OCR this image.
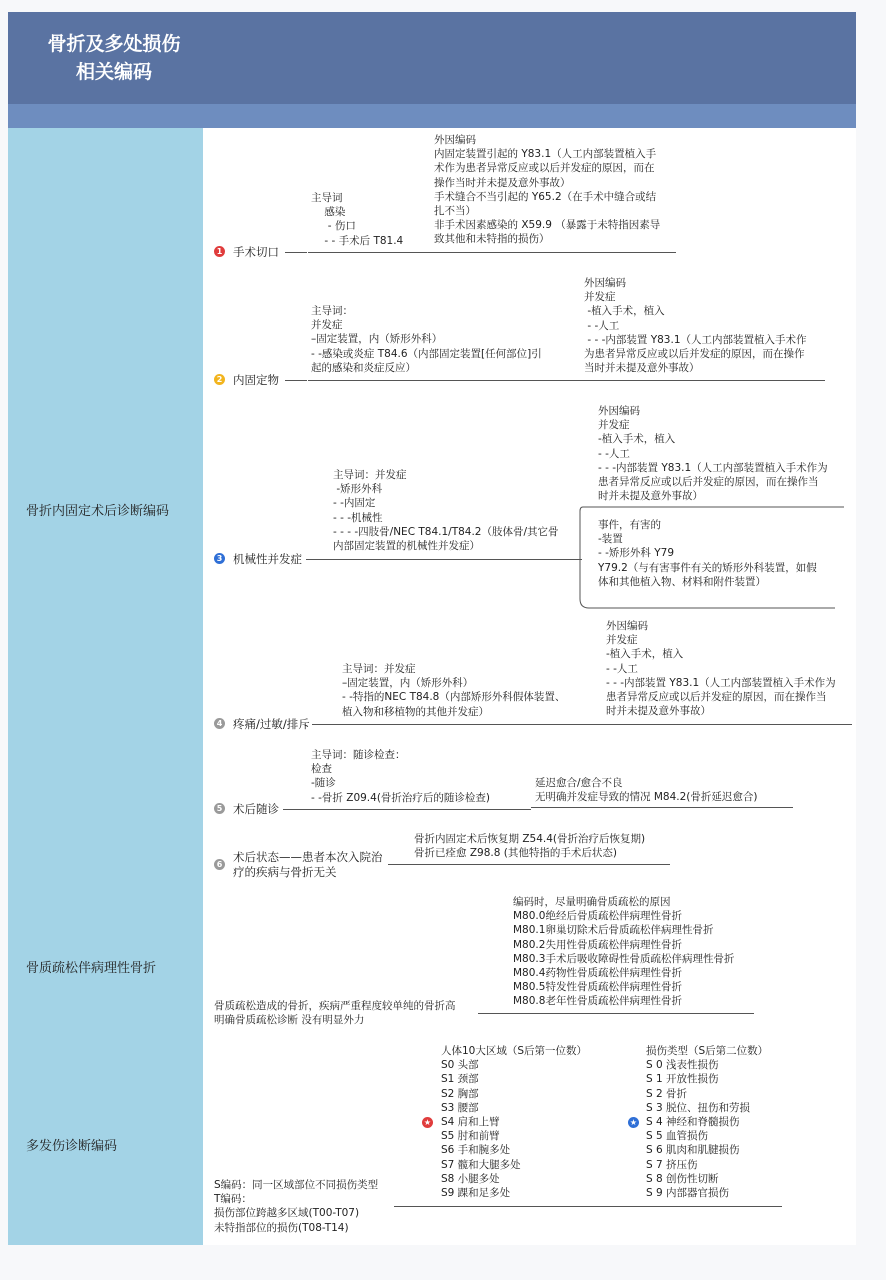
骨折及多处损伤
相关编码
骨折内固定术后诊断编码
骨质疏松伴病理性骨折
多发伤诊断编码
1 手术切口
主导词
感染
- 伤口
- - 手术后 T81.4
外因编码
内固定装置引起的 Y83.1（人工内部装置植入手
术作为患者异常反应或以后并发症的原因，而在
操作当时并未提及意外事故）
手术缝合不当引起的 Y65.2（在手术中缝合或结
扎不当）
非手术因素感染的 X59.9 （暴露于未特指因素导
致其他和未特指的损伤）
2 内固定物
主导词：
并发症
–固定装置，内（矫形外科）
- -感染或炎症 T84.6（内部固定装置[任何部位]引
起的感染和炎症反应）
外因编码
并发症
-植入手术，植入
- -人工
- - -内部装置 Y83.1（人工内部装置植入手术作
为患者异常反应或以后并发症的原因，而在操作
当时并未提及意外事故）
3 机械性并发症
主导词：并发症
-矫形外科
- -内固定
- - -机械性
- - - -四肢骨/NEC T84.1/T84.2（肢体骨/其它骨
内部固定装置的机械性并发症）
外因编码
并发症
-植入手术，植入
- -人工
- - -内部装置 Y83.1（人工内部装置植入手术作为
患者异常反应或以后并发症的原因，而在操作当
时并未提及意外事故）
事件，有害的
-装置
- -矫形外科 Y79
Y79.2（与有害事件有关的矫形外科装置，如假
体和其他植入物、材料和附件装置）
4 疼痛/过敏/排斥
主导词：并发症
–固定装置，内（矫形外科）
- -特指的NEC T84.8（内部矫形外科假体装置、
植入物和移植物的其他并发症）
外因编码
并发症
-植入手术，植入
- -人工
- - -内部装置 Y83.1（人工内部装置植入手术作为
患者异常反应或以后并发症的原因，而在操作当
时并未提及意外事故）
5 术后随诊
主导词：随诊检查：
检查
-随诊
- -骨折 Z09.4(骨折治疗后的随诊检查)
延迟愈合/愈合不良
无明确并发症导致的情况 M84.2(骨折延迟愈合)
6
术后状态——患者本次入院治
疗的疾病与骨折无关
骨折内固定术后恢复期 Z54.4(骨折治疗后恢复期)
骨折已痊愈 Z98.8 (其他特指的手术后状态)
骨质疏松造成的骨折，疾病严重程度较单纯的骨折高
明确骨质疏松诊断 没有明显外力
编码时，尽量明确骨质疏松的原因
M80.0绝经后骨质疏松伴病理性骨折
M80.1卵巢切除术后骨质疏松伴病理性骨折
M80.2失用性骨质疏松伴病理性骨折
M80.3手术后吸收障碍性骨质疏松伴病理性骨折
M80.4药物性骨质疏松伴病理性骨折
M80.5特发性骨质疏松伴病理性骨折
M80.8老年性骨质疏松伴病理性骨折
S编码：同一区域部位不同损伤类型
T编码：
损伤部位跨越多区域(T00-T07)
未特指部位的损伤(T08-T14)
人体10大区域（S后第一位数）
S0 头部
S1 颈部
S2 胸部
S3 腰部
S4 肩和上臂
S5 肘和前臂
S6 手和腕多处
S7 髋和大腿多处
S8 小腿多处
S9 踝和足多处
★
损伤类型（S后第二位数）
S 0 浅表性损伤
S 1 开放性损伤
S 2 骨折
S 3 脱位、扭伤和劳损
S 4 神经和脊髓损伤
S 5 血管损伤
S 6 肌肉和肌腱损伤
S 7 挤压伤
S 8 创伤性切断
S 9 内部器官损伤
★
